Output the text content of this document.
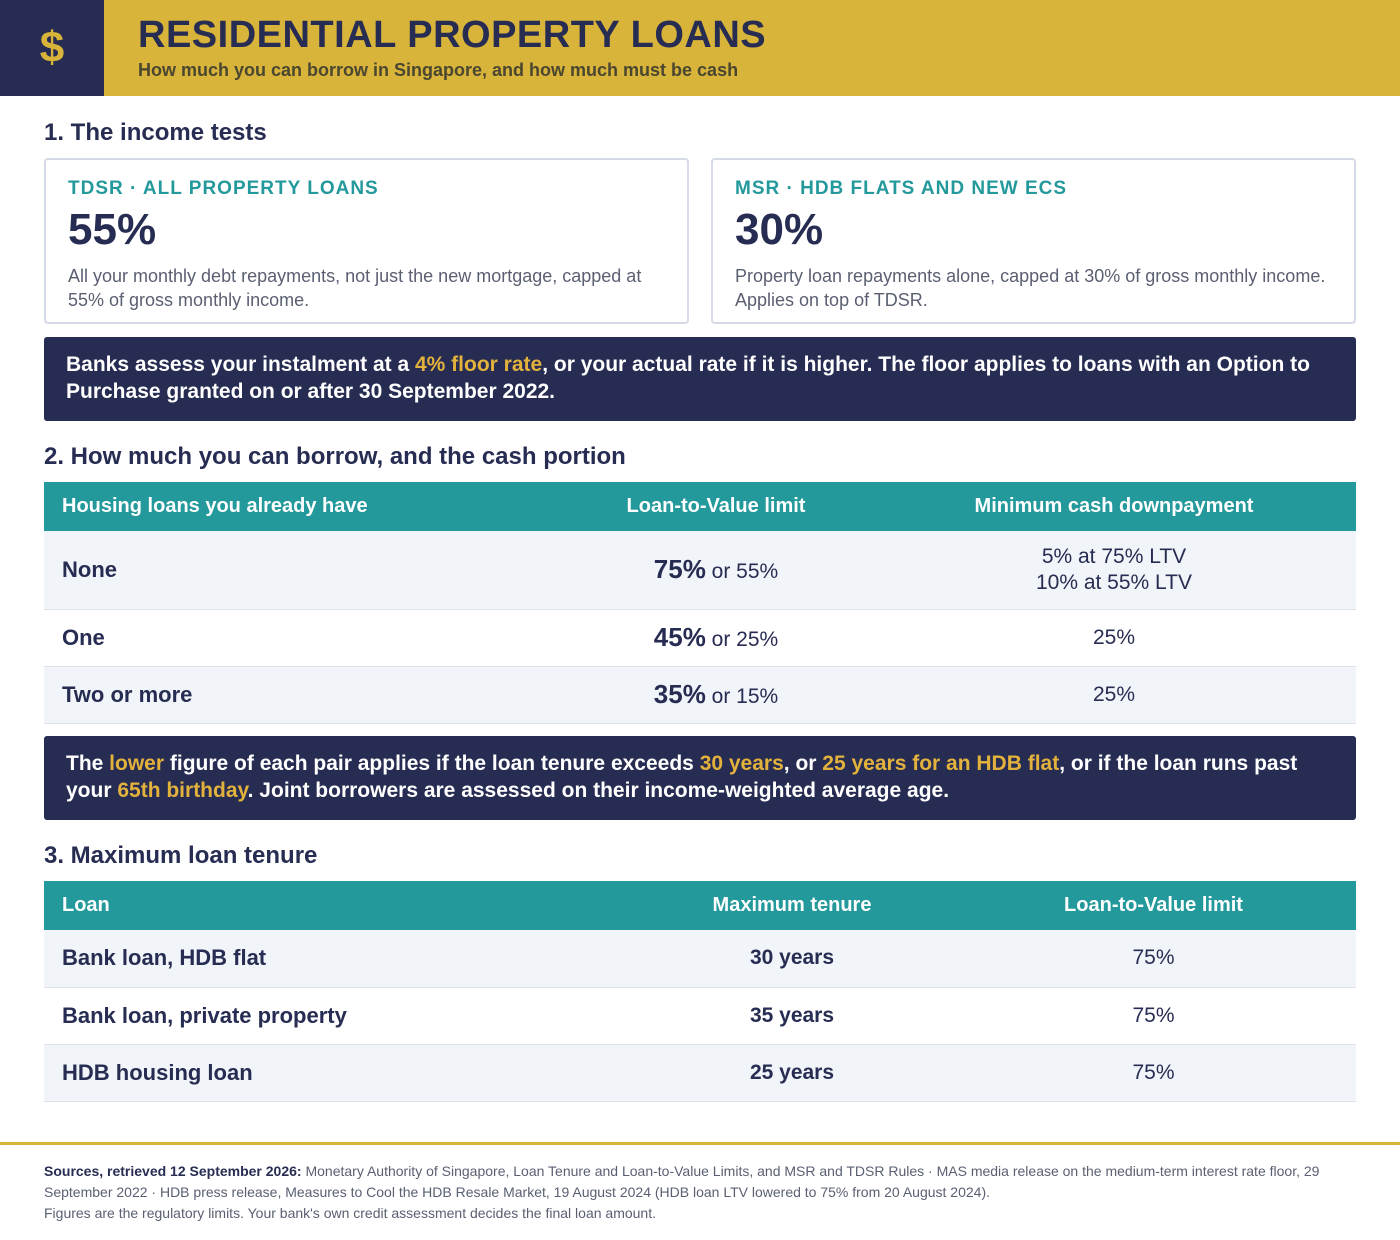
$	RESIDENTIAL PROPERTY LOANS
How much you can borrow in Singapore, and how much must be cash
1. The income tests
TDSR · ALL PROPERTY LOANS
55%
All your monthly debt repayments, not just the new mortgage, capped at 55% of gross monthly income.
MSR · HDB FLATS AND NEW ECS
30%
Property loan repayments alone, capped at 30% of gross monthly income. Applies on top of TDSR.
Banks assess your instalment at a 4% floor rate, or your actual rate if it is higher. The floor applies to loans with an Option to Purchase granted on or after 30 September 2022.
2. How much you can borrow, and the cash portion
Housing loans you already have	Loan-to-Value limit	Minimum cash downpayment
None	75% or 55%	5% at 75% LTV
10% at 55% LTV

One	45% or 25%	25%
Two or more	35% or 15%	25%
The lower figure of each pair applies if the loan tenure exceeds 30 years, or 25 years for an HDB flat, or if the loan runs past your 65th birthday. Joint borrowers are assessed on their income-weighted average age.
3. Maximum loan tenure
Loan	Maximum tenure	Loan-to-Value limit
Bank loan, HDB flat	30 years	75%
Bank loan, private property	35 years	75%
HDB housing loan	25 years	75%
Sources, retrieved 12 September 2026: Monetary Authority of Singapore, Loan Tenure and Loan-to-Value Limits, and MSR and TDSR Rules · MAS media release on the medium-term interest rate floor, 29 September 2022 · HDB press release, Measures to Cool the HDB Resale Market, 19 August 2024 (HDB loan LTV lowered to 75% from 20 August 2024).
Figures are the regulatory limits. Your bank's own credit assessment decides the final loan amount.
